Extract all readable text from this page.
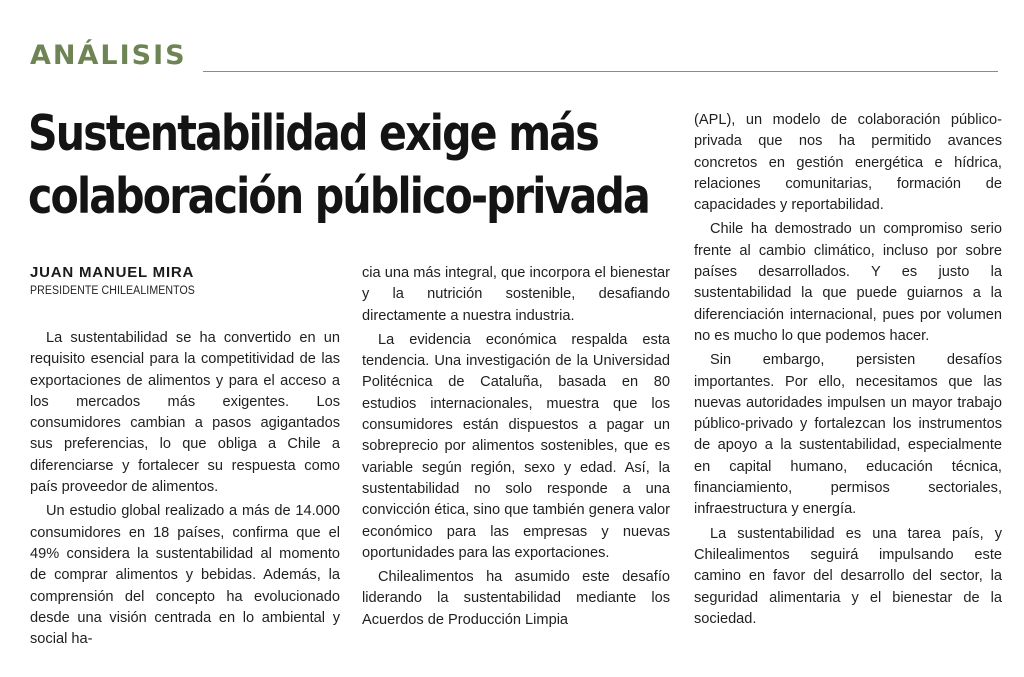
ANÁLISIS
Sustentabilidad exige más
colaboración público-privada
JUAN MANUEL MIRA
PRESIDENTE CHILEALIMENTOS

La sustentabilidad se ha convertido en un requisito esencial para la competitividad de las exportaciones de alimentos y para el acceso a los mercados más exigentes. Los consumidores cambian a pasos agigantados sus preferencias, lo que obliga a Chile a diferenciarse y fortalecer su respuesta como país proveedor de alimentos.

Un estudio global realizado a más de 14.000 consumidores en 18 países, confirma que el 49% considera la sustentabilidad al momento de comprar alimentos y bebidas. Además, la comprensión del concepto ha evolucionado desde una visión centrada en lo ambiental y social ha-

cia una más integral, que incorpora el bienestar y la nutrición sostenible, desafiando directamente a nuestra industria.

La evidencia económica respalda esta tendencia. Una investigación de la Universidad Politécnica de Cataluña, basada en 80 estudios internacionales, muestra que los consumidores están dispuestos a pagar un sobreprecio por alimentos sostenibles, que es variable según región, sexo y edad. Así, la sustentabilidad no solo responde a una convicción ética, sino que también genera valor económico para las empresas y nuevas oportunidades para las exportaciones.

Chilealimentos ha asumido este desafío liderando la sustentabilidad mediante los Acuerdos de Producción Limpia

(APL), un modelo de colaboración público-privada que nos ha permitido avances concretos en gestión energética e hídrica, relaciones comunitarias, formación de capacidades y reportabilidad.

Chile ha demostrado un compromiso serio frente al cambio climático, incluso por sobre países desarrollados. Y es justo la sustentabilidad la que puede guiarnos a la diferenciación internacional, pues por volumen no es mucho lo que podemos hacer.

Sin embargo, persisten desafíos importantes. Por ello, necesitamos que las nuevas autoridades impulsen un mayor trabajo público-privado y fortalezcan los instrumentos de apoyo a la sustentabilidad, especialmente en capital humano, educación técnica, financiamiento, permisos sectoriales, infraestructura y energía.

La sustentabilidad es una tarea país, y Chilealimentos seguirá impulsando este camino en favor del desarrollo del sector, la seguridad alimentaria y el bienestar de la sociedad.
